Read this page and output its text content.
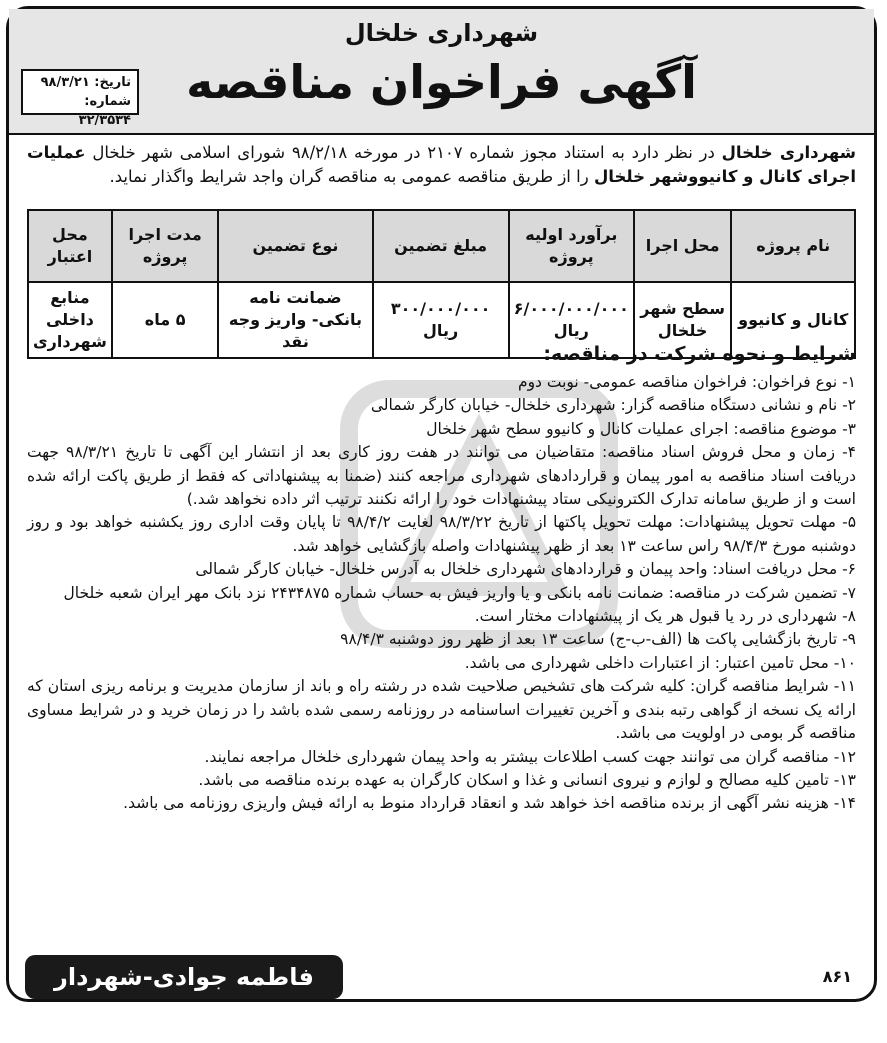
شهرداری خلخال
آگهی فراخوان مناقصه
تاریخ: ۹۸/۳/۲۱
شماره: ۳۲/۳۵۳۴
شهرداری خلخال در نظر دارد به استناد مجوز شماره ۲۱۰۷ در مورخه ۹۸/۲/۱۸ شورای اسلامی شهر خلخال عملیات اجرای کانال و کانیووشهر خلخال را از طریق مناقصه عمومی به مناقصه گران واجد شرایط واگذار نماید.
نام پروژه	محل اجرا	برآورد اولیه پروژه	مبلغ تضمین	نوع تضمین	مدت اجرا پروژه	محل اعتبار
کانال و کانیوو	سطح شهر خلخال	۶/۰۰۰/۰۰۰/۰۰۰ ریال	۳۰۰/۰۰۰/۰۰۰ ریال	ضمانت نامه بانکی- واریز وجه نقد	۵ ماه	منابع داخلی شهرداری
شرایط و نحوه شرکت در مناقصه:
۱- نوع فراخوان: فراخوان مناقصه عمومی- نوبت دوم
۲- نام و نشانی دستگاه مناقصه گزار: شهرداری خلخال- خیابان کارگر شمالی
۳- موضوع مناقصه: اجرای عملیات کانال و کانیوو سطح شهر خلخال
۴- زمان و محل فروش اسناد مناقصه: متقاضیان می توانند در هفت روز کاری بعد از انتشار این آگهی تا تاریخ ۹۸/۳/۲۱ جهت دریافت اسناد مناقصه به امور پیمان و قراردادهای شهرداری مراجعه کنند (ضمنا به پیشنهاداتی که فقط از طریق پاکت ارائه شده است و از طریق سامانه تدارک الکترونیکی ستاد پیشنهادات خود را ارائه نکنند ترتیب اثر داده نخواهد شد.)
۵- مهلت تحویل پیشنهادات: مهلت تحویل پاکتها از تاریخ ۹۸/۳/۲۲ لغایت ۹۸/۴/۲ تا پایان وقت اداری روز یکشنبه خواهد بود و روز دوشنبه مورخ ۹۸/۴/۳ راس ساعت ۱۳ بعد از ظهر پیشنهادات واصله بازگشایی خواهد شد.
۶- محل دریافت اسناد: واحد پیمان و قراردادهای شهرداری خلخال به آدرس خلخال- خیابان کارگر شمالی
۷- تضمین شرکت در مناقصه: ضمانت نامه بانکی و یا واریز فیش به حساب شماره ۲۴۳۴۸۷۵ نزد بانک مهر ایران شعبه خلخال
۸- شهرداری در رد یا قبول هر یک از پیشنهادات مختار است.
۹- تاریخ بازگشایی پاکت ها (الف-ب-ج) ساعت ۱۳ بعد از ظهر روز دوشنبه ۹۸/۴/۳
۱۰- محل تامین اعتبار: از اعتبارات داخلی شهرداری می باشد.
۱۱- شرایط مناقصه گران: کلیه شرکت های تشخیص صلاحیت شده در رشته راه و باند از سازمان مدیریت و برنامه ریزی استان که ارائه یک نسخه از گواهی رتبه بندی و آخرین تغییرات اساسنامه در روزنامه رسمی شده باشد را در زمان خرید و در شرایط مساوی مناقصه گر بومی در اولویت می باشد.
۱۲- مناقصه گران می توانند جهت کسب اطلاعات بیشتر به واحد پیمان شهرداری خلخال مراجعه نمایند.
۱۳- تامین کلیه مصالح و لوازم و نیروی انسانی و غذا و اسکان کارگران به عهده برنده مناقصه می باشد.
۱۴- هزینه نشر آگهی از برنده مناقصه اخذ خواهد شد و انعقاد قرارداد منوط به ارائه فیش واریزی روزنامه می باشد.
فاطمه جوادی-شهردار خلخال
۸۶۱
